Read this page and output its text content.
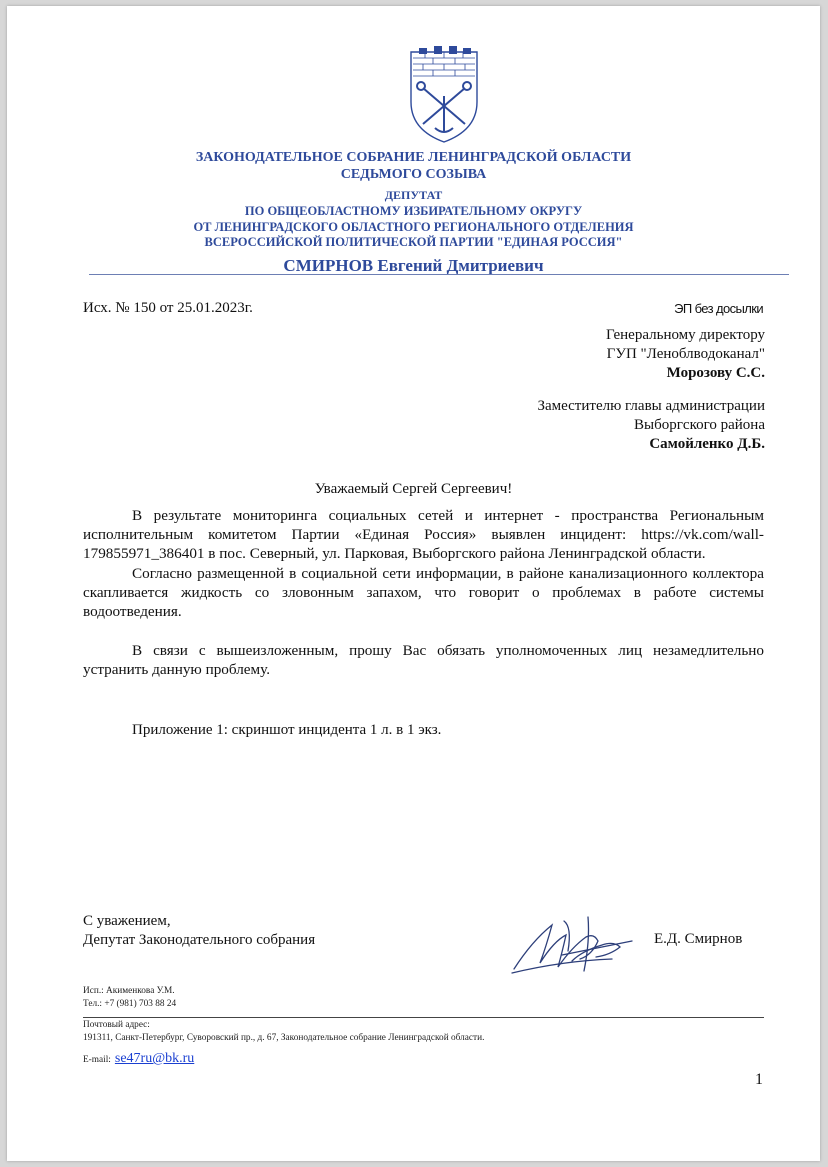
ЗАКОНОДАТЕЛЬНОЕ СОБРАНИЕ ЛЕНИНГРАДСКОЙ ОБЛАСТИ
СЕДЬМОГО СОЗЫВА
ДЕПУТАТ
ПО ОБЩЕОБЛАСТНОМУ ИЗБИРАТЕЛЬНОМУ ОКРУГУ
ОТ ЛЕНИНГРАДСКОГО ОБЛАСТНОГО РЕГИОНАЛЬНОГО ОТДЕЛЕНИЯ
ВСЕРОССИЙСКОЙ ПОЛИТИЧЕСКОЙ ПАРТИИ "ЕДИНАЯ РОССИЯ"
СМИРНОВ Евгений Дмитриевич
Исх. № 150 от 25.01.2023г.	ЭП без досылки
Генеральному директору
ГУП "Леноблводоканал"
Морозову С.С.
Заместителю главы администрации
Выборгского района
Самойленко Д.Б.
Уважаемый Сергей Сергеевич!
В результате мониторинга социальных сетей и интернет - пространства Региональным исполнительным комитетом Партии «Единая Россия» выявлен инцидент: https://vk.com/wall-179855971_386401 в пос. Северный, ул. Парковая, Выборгского района Ленинградской области.
Согласно размещенной в социальной сети информации, в районе канализационного коллектора скапливается жидкость со зловонным запахом, что говорит о проблемах в работе системы водоотведения.
В связи с вышеизложенным, прошу Вас обязать уполномоченных лиц незамедлительно устранить данную проблему.
Приложение 1: скриншот инцидента 1 л. в 1 экз.
С уважением,
Депутат Законодательного собрания	Е.Д. Смирнов
Исп.: Акименкова У.М.
Тел.: +7 (981) 703 88 24
Почтовый адрес:
191311, Санкт-Петербург, Суворовский пр., д. 67, Законодательное собрание Ленинградской области.
E-mail: se47ru@bk.ru
1
